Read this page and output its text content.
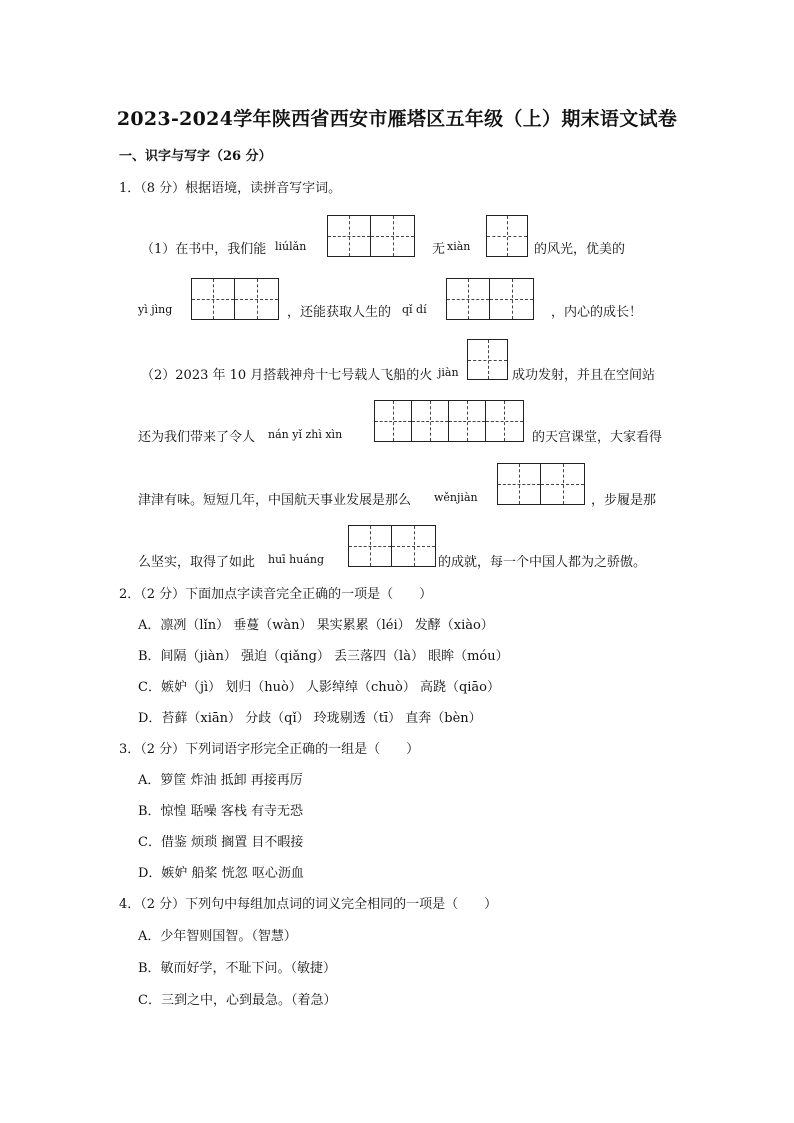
2023-2024学年陕西省西安市雁塔区五年级（上）期末语文试卷
一、识字与写字（26 分）
1．（8 分）根据语境，读拼音写字词。
（1）在书中，我们能 liúlǎn	无 xiàn	的风光，优美的
yì jìng	，还能获取人生的 qǐ dí	，内心的成长！
（2）2023 年 10 月搭载神舟十七号载人飞船的火 jiàn	成功发射，并且在空间站
还为我们带来了令人 nán yǐ zhì xìn	的天宫课堂，大家看得
津津有味。短短几年，中国航天事业发展是那么 wěnjiàn	，步履是那
么坚实，取得了如此 huī huáng	的成就，每一个中国人都为之骄傲。
2．（2 分）下面加点字读音完全正确的一项是（　　）
A．凛冽（lǐn） 垂蔓（wàn） 果实累累（léi） 发酵（xiào）
B．间隔（jiàn） 强迫（qiǎng） 丢三落四（là） 眼眸（móu）
C．嫉妒（jì） 划归（huò） 人影绰绰（chuò） 高跷（qiāo）
D．苔藓（xiān） 分歧（qǐ） 玲珑剔透（tī） 直奔（bèn）
3．（2 分）下列词语字形完全正确的一组是（　　）
A．箩筐 炸油 抵卸 再接再厉
B．惊惶 聒噪 客栈 有寺无恐
C．借鉴 烦琐 搁置 目不暇接
D．嫉妒 船桨 恍忽 呕心沥血
4．（2 分）下列句中每组加点词的词义完全相同的一项是（　　）
A．少年智则国智。（智慧）
B．敏而好学，不耻下问。（敏捷）
C．三到之中，心到最急。（着急）
